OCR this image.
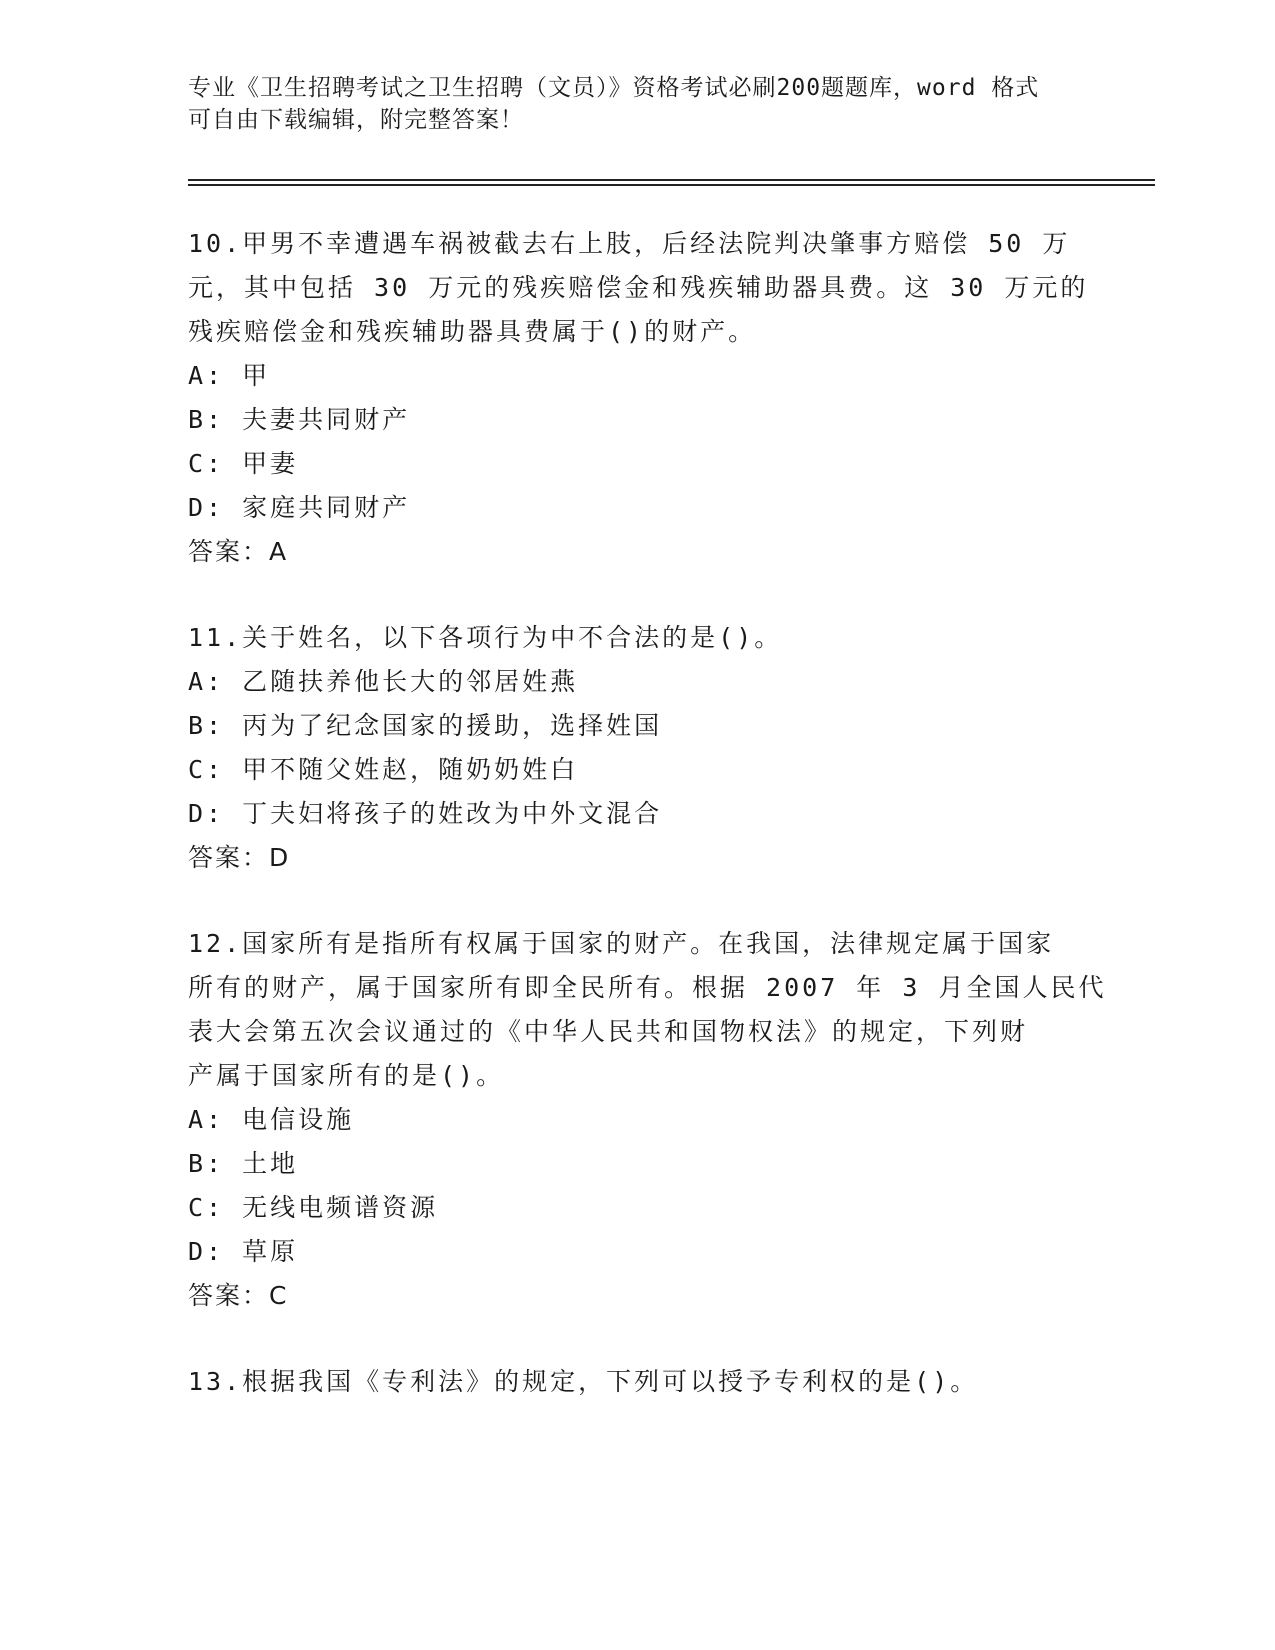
专业《卫生招聘考试之卫生招聘（文员）》资格考试必刷200题题库，word 格式
可自由下载编辑，附完整答案！
10.甲男不幸遭遇车祸被截去右上肢，后经法院判决肇事方赔偿 50 万
元，其中包括 30 万元的残疾赔偿金和残疾辅助器具费。这 30 万元的
残疾赔偿金和残疾辅助器具费属于()的财产。
A: 甲
B: 夫妻共同财产
C: 甲妻
D: 家庭共同财产
答案：A
11.关于姓名，以下各项行为中不合法的是()。
A: 乙随扶养他长大的邻居姓燕
B: 丙为了纪念国家的援助，选择姓国
C: 甲不随父姓赵，随奶奶姓白
D: 丁夫妇将孩子的姓改为中外文混合
答案：D
12.国家所有是指所有权属于国家的财产。在我国，法律规定属于国家
所有的财产，属于国家所有即全民所有。根据 2007 年 3 月全国人民代
表大会第五次会议通过的《中华人民共和国物权法》的规定，下列财
产属于国家所有的是()。
A: 电信设施
B: 土地
C: 无线电频谱资源
D: 草原
答案：C
13.根据我国《专利法》的规定，下列可以授予专利权的是()。
